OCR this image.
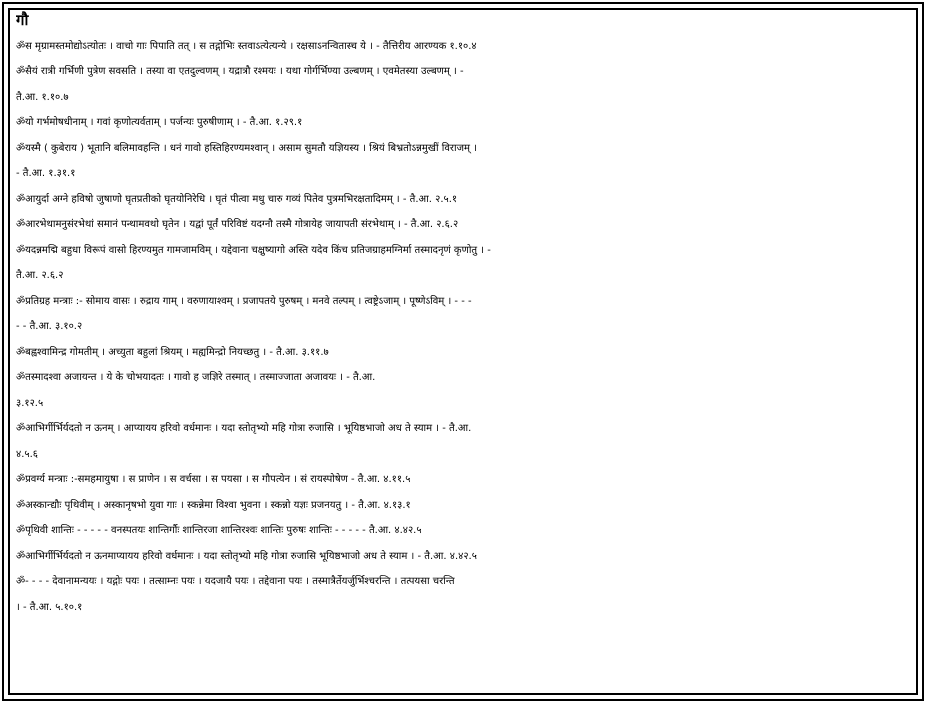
गौ
ॐस मृग्रामस्तमोद्योऽत्योतः । वाचो गाः पिपाति तत् । स तद्गोभिः स्तवाऽत्येत्यन्ये । रक्षसाऽनन्वितास्च ये । - तैत्तिरीय आरण्यक १.१०.४
ॐसैयं रात्री गर्भिणी पुत्रेण सवसति । तस्या वा एतदुल्वणम् । यद्रात्रौ रश्मयः । यथा गोर्गर्भिण्या उल्बणम् । एवमेतस्या उल्बणम् । -
तै.आ. १.१०.७
ॐयो गर्भमोषधीनाम् । गवां कृणोत्यर्वताम् । पर्जन्यः पुरुषीणाम् । - तै.आ. १.२९.१
ॐयस्मै ( कुबेराय ) भूतानि बलिमावहन्ति । धनं गावो हस्तिहिरण्यमश्वान् । असाम सुमतौ यज्ञियस्य । श्रियं बिभ्रतोऽन्नमुखीं विराजम् ।
- तै.आ. १.३१.१
ॐआयुर्दा अग्ने हविषो जुषाणो घृतप्रतीको घृतयोनिरेधि । घृतं पीत्वा मधु चारु गव्यं पितेव पुत्रमभिरक्षतादिमम् । - तै.आ. २.५.१
ॐआरभेथामनुसंरभेथां समानं पन्थामवथो घृतेन । यद्वां पूर्तं परिविष्टं यदग्नौ तस्मै गोत्रायेह जायापती संरभेथाम् । - तै.आ. २.६.२
ॐयदन्नमद्मि बहुधा विरूपं वासो हिरण्यमुत गामजामविम् । यद्देवाना चक्षुष्यागो अस्ति यदेव किंच प्रतिजग्राहमग्निर्मा तस्मादनृणं कृणोतु । -
तै.आ. २.६.२
ॐप्रतिग्रह मन्त्राः :- सोमाय वासः । रुद्राय गाम् । वरुणायाश्वम् । प्रजापतये पुरुषम् । मनवे तल्पम् । त्वष्ट्रेऽजाम् । पूष्णेऽविम् । - - -
- - तै.आ. ३.१०.२
ॐबह्वश्वामिन्द्र गोमतीम् । अच्युता बहुलां श्रियम् । मह्यमिन्द्रो नियच्छतु । - तै.आ. ३.११.७
ॐतस्मादश्वा अजायन्त । ये के चोभयादतः । गावो ह जज्ञिरे तस्मात् । तस्माज्जाता अजावयः । - तै.आ.
३.१२.५
ॐआभिर्गीर्भिर्यदतो न ऊनम् । आप्यायय हरिवो वर्धमानः । यदा स्तोतृभ्यो महि गोत्रा रुजासि । भूयिष्ठभाजो अध ते स्याम । - तै.आ.
४.५.६
ॐप्रवर्ग्य मन्त्राः :-समहमायुषा । स प्राणेन । स वर्चसा । स पयसा । स गौपत्येन । सं रायस्पोषेण - तै.आ. ४.११.५
ॐअस्कान्द्यौः पृथिवीम् । अस्कानृषभो युवा गाः । स्कन्नेमा विश्वा भुवना । स्कन्नो यज्ञः प्रजनयतु । - तै.आ. ४.१३.१
ॐपृथिवी शान्तिः - - - - - वनस्पतयः शान्तिर्गौः शान्तिरजा शान्तिरश्वः शान्तिः पुरुषः शान्तिः - - - - - तै.आ. ४.४२.५
ॐआभिर्गीर्भिर्यदतो न ऊनमाप्यायय हरिवो वर्धमानः । यदा स्तोतृभ्यो महि गोत्रा रुजासि भूयिष्ठभाजो अध ते स्याम । - तै.आ. ४.४२.५
ॐ- - - - देवानामन्ययः । यद्गोः पयः । तत्साम्नः पयः । यदजायै पयः । तद्देवाना पयः । तस्मात्रैर्तेयर्जुर्भिश्चरन्ति । तत्पयसा चरन्ति
। - तै.आ. ५.१०.१
